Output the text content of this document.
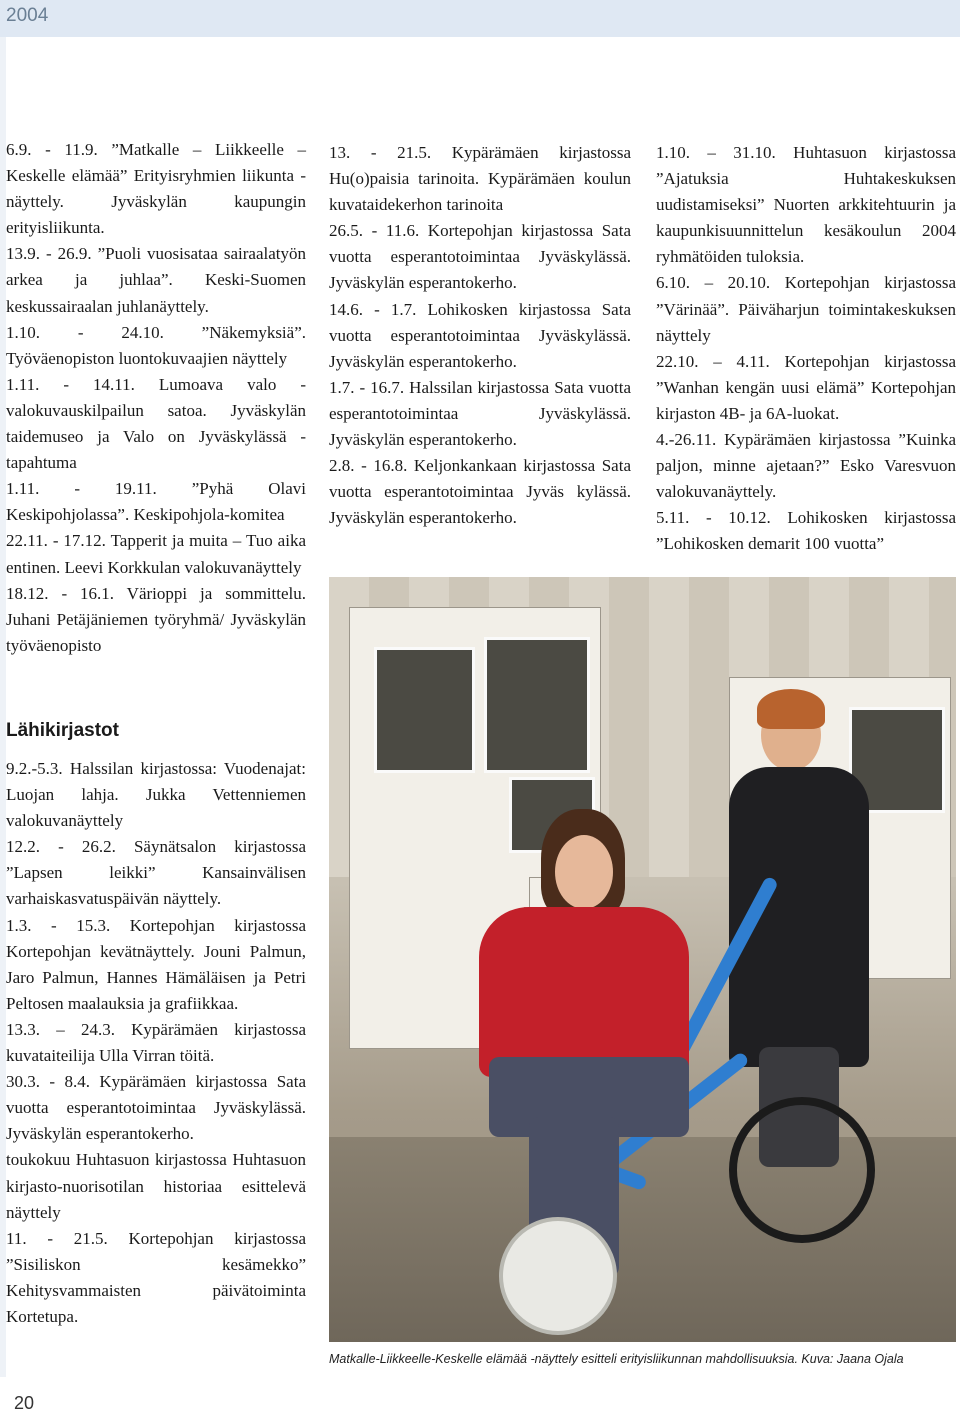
2004

6.9. - 11.9. ”Matkalle – Liikkeelle – Keskelle elämää” Erityisryhmien liikunta -näyttely. Jyväskylän kaupungin erityisliikunta.

13.9. - 26.9. ”Puoli vuosisataa sairaalatyön arkea ja juhlaa”. Keski-Suomen keskussairaalan juhlanäyttely.

1.10. - 24.10. ”Näkemyksiä”. Työväenopiston luontokuvaajien näyttely

1.11. - 14.11. Lumoava valo -valokuvauskilpailun satoa. Jyväskylän taidemuseo ja Valo on Jyväskylässä -tapahtuma

1.11. - 19.11. ”Pyhä Olavi Keskipohjolassa”. Keskipohjola-komitea

22.11. - 17.12. Tapperit ja muita – Tuo aika entinen. Leevi Korkkulan valokuvanäyttely

18.12. - 16.1. Värioppi ja sommittelu. Juhani Petäjäniemen työryhmä/ Jyväskylän työväenopisto

13. - 21.5. Kypärämäen kirjastossa Hu(o)paisia tarinoita. Kypärämäen koulun kuvataidekerhon tarinoita

26.5. - 11.6. Kortepohjan kirjastossa Sata vuotta esperantotoimintaa Jyväskylässä. Jyväskylän esperantokerho.

14.6. - 1.7. Lohikosken kirjastossa Sata vuotta esperantotoimintaa Jyväskylässä. Jyväskylän esperantokerho.

1.7. - 16.7. Halssilan kirjastossa Sata vuotta esperantotoimintaa Jyväskylässä. Jyväskylän esperantokerho.

2.8. - 16.8. Keljonkankaan kirjastossa Sata vuotta esperantotoimintaa Jyväs kylässä. Jyväskylän esperantokerho.

1.10. – 31.10. Huhtasuon kirjastossa ”Ajatuksia Huhtakeskuksen uudistamiseksi” Nuorten arkkitehtuurin ja kaupunkisuunnittelun kesäkoulun 2004 ryhmätöiden tuloksia.

6.10. – 20.10. Kortepohjan kirjastossa ”Värinää”. Päiväharjun toimintakeskuksen näyttely

22.10. – 4.11. Kortepohjan kirjastossa ”Wanhan kengän uusi elämä” Kortepohjan kirjaston 4B- ja 6A-luokat.

4.-26.11. Kypärämäen kirjastossa ”Kuinka paljon, minne ajetaan?” Esko Varesvuon valokuvanäyttely.

5.11. - 10.12. Lohikosken kirjastossa ”Lohikosken demarit 100 vuotta”

Lähikirjastot

9.2.-5.3. Halssilan kirjastossa: Vuodenajat: Luojan lahja. Jukka Vettenniemen valokuvanäyttely

12.2. - 26.2. Säynätsalon kirjastossa ”Lapsen leikki” Kansainvälisen varhaiskasvatuspäivän näyttely.

1.3. - 15.3. Kortepohjan kirjastossa Kortepohjan kevätnäyttely. Jouni Palmun, Jaro Palmun, Hannes Hämäläisen ja Petri Peltosen maalauksia ja grafiikkaa.

13.3. – 24.3. Kypärämäen kirjastossa kuvataiteilija Ulla Virran töitä.

30.3. - 8.4. Kypärämäen kirjastossa Sata vuotta esperantotoimintaa Jyväskylässä. Jyväskylän esperantokerho.

toukokuu Huhtasuon kirjastossa Huhtasuon kirjasto-nuorisotilan historiaa esittelevä näyttely

11. - 21.5. Kortepohjan kirjastossa ”Sisiliskon kesämekko” Kehitysvammaisten päivätoiminta Kortetupa.

Matkalle-Liikkeelle-Keskelle elämää -näyttely esitteli erityisliikunnan mahdollisuuksia. Kuva: Jaana Ojala
20
